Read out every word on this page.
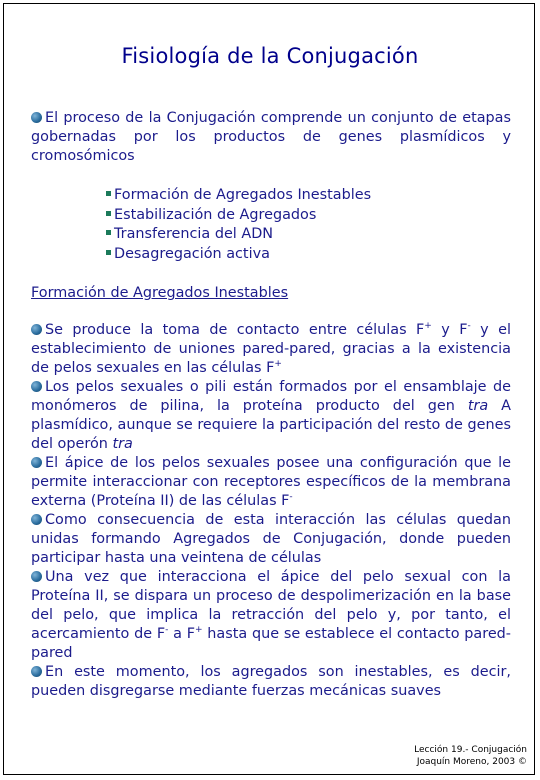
Fisiología de la Conjugación

El proceso de la Conjugación comprende un conjunto de etapas gobernadas por los productos de genes plasmídicos y cromosómicos

Formación de Agregados Inestables
Estabilización de Agregados
Transferencia del ADN
Desagregación activa
Formación de Agregados Inestables

Se produce la toma de contacto entre células F+ y F- y el establecimiento de uniones pared-pared, gracias a la existencia de pelos sexuales en las células F+

Los pelos sexuales o pili están formados por el ensamblaje de monómeros de pilina, la proteína producto del gen tra A plasmídico, aunque se requiere la participación del resto de genes del operón tra

El ápice de los pelos sexuales posee una configuración que le permite interaccionar con receptores específicos de la membrana externa (Proteína II) de las células F-

Como consecuencia de esta interacción las células quedan unidas formando Agregados de Conjugación, donde pueden participar hasta una veintena de células

Una vez que interacciona el ápice del pelo sexual con la Proteína II, se dispara un proceso de despolimerización en la base del pelo, que implica la retracción del pelo y, por tanto, el acercamiento de F- a F+ hasta que se establece el contacto pared-pared

En este momento, los agregados son inestables, es decir, pueden disgregarse mediante fuerzas mecánicas suaves

Lección 19.- Conjugación
Joaquín Moreno, 2003 ©
